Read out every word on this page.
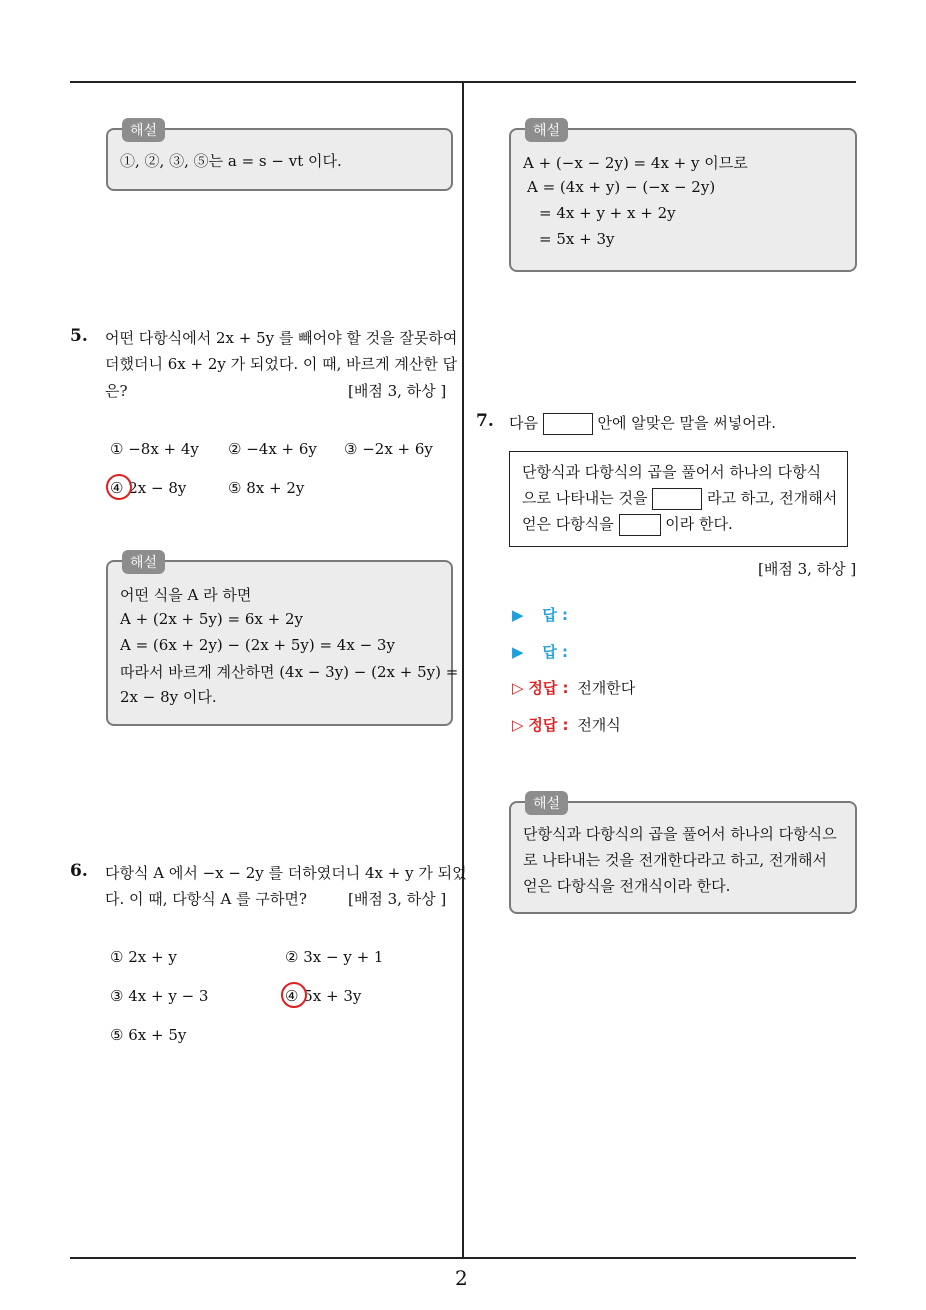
2
해설
①, ②, ③, ⑤는 a = s − vt 이다.
5. 어떤 다항식에서 2x + 5y 를 빼어야 할 것을 잘못하여
더했더니 6x + 2y 가 되었다. 이 때, 바르게 계산한 답
은?	[배점 3, 하상 ]
① −8x + 4y ② −4x + 6y ③ −2x + 6y
④ 2x − 8y	⑤ 8x + 2y
해설
어떤 식을 A 라 하면
A + (2x + 5y) = 6x + 2y
A = (6x + 2y) − (2x + 5y) = 4x − 3y
따라서 바르게 계산하면 (4x − 3y) − (2x + 5y) =
2x − 8y 이다.
6. 다항식 A 에서 −x − 2y 를 더하였더니 4x + y 가 되었
다. 이 때, 다항식 A 를 구하면?	[배점 3, 하상 ]
① 2x + y	② 3x − y + 1
③ 4x + y − 3	④ 5x + 3y
⑤ 6x + 5y
해설
A + (−x − 2y) = 4x + y 이므로
A = (4x + y) − (−x − 2y)
= 4x + y + x + 2y
= 5x + 3y
7. 다음	안에 알맞은 말을 써넣어라.
단항식과 다항식의 곱을 풀어서 하나의 다항식
으로 나타내는 것을	라고 하고, 전개해서
얻은 다항식을	이라 한다.
[배점 3, 하상 ]
▶ 답 :
▶ 답 :
▷ 정답 : 전개한다
▷ 정답 : 전개식
해설
단항식과 다항식의 곱을 풀어서 하나의 다항식으
로 나타내는 것을 전개한다라고 하고, 전개해서
얻은 다항식을 전개식이라 한다.
